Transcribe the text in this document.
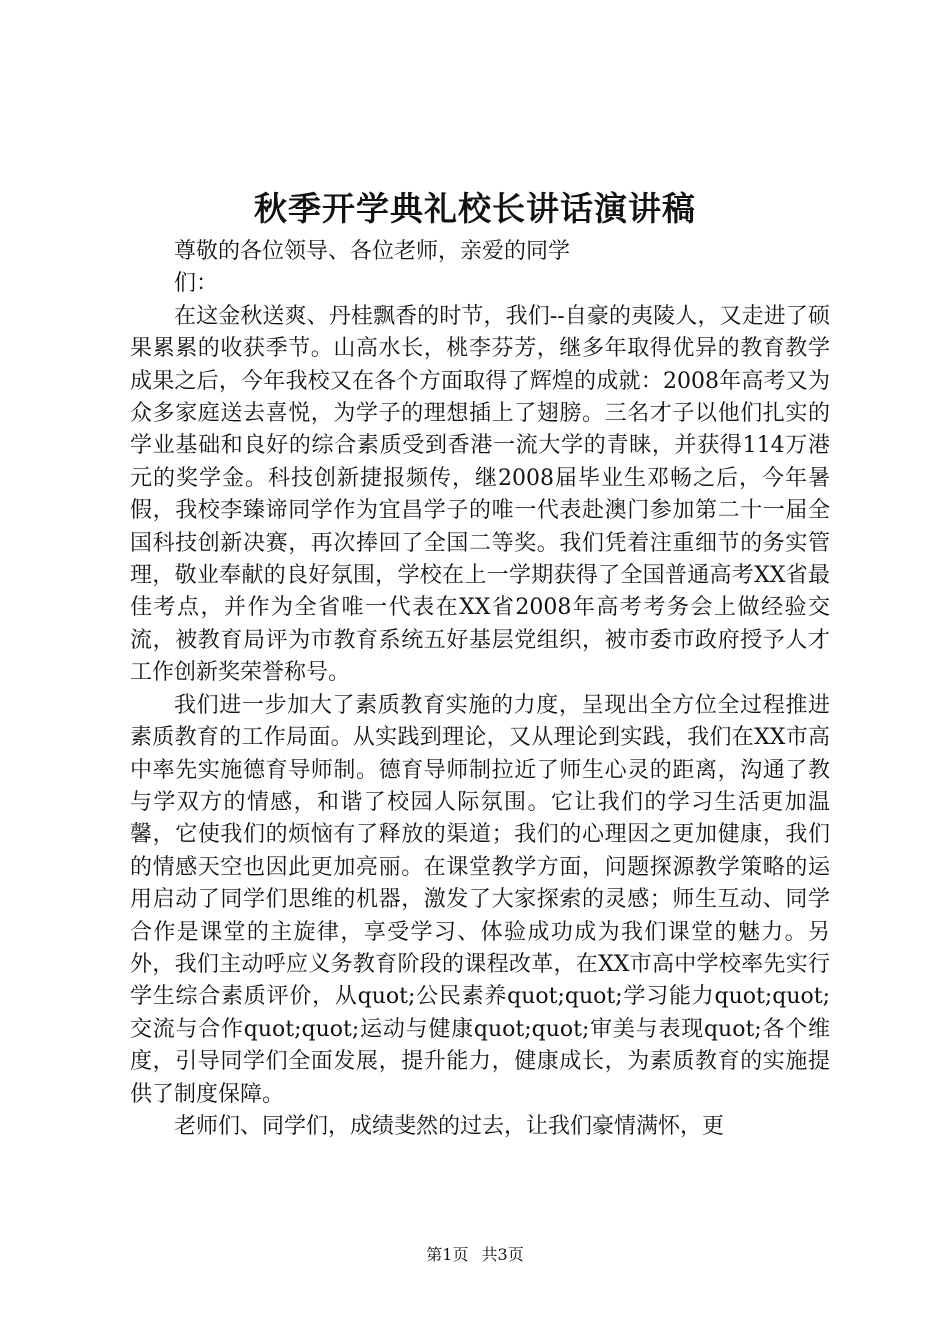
秋季开学典礼校长讲话演讲稿

尊敬的各位领导、各位老师，亲爱的同学们：

在这金秋送爽、丹桂飘香的时节，我们--自豪的夷陵人，又走进了硕果累累的收获季节。山高水长，桃李芬芳，继多年取得优异的教育教学成果之后，今年我校又在各个方面取得了辉煌的成就：2008年高考又为众多家庭送去喜悦，为学子的理想插上了翅膀。三名才子以他们扎实的学业基础和良好的综合素质受到香港一流大学的青睐，并获得114万港元的奖学金。科技创新捷报频传，继2008届毕业生邓畅之后，今年暑假，我校李臻谛同学作为宜昌学子的唯一代表赴澳门参加第二十一届全国科技创新决赛，再次捧回了全国二等奖。我们凭着注重细节的务实管理，敬业奉献的良好氛围，学校在上一学期获得了全国普通高考XX省最佳考点，并作为全省唯一代表在XX省2008年高考考务会上做经验交流，被教育局评为市教育系统五好基层党组织，被市委市政府授予人才工作创新奖荣誉称号。

我们进一步加大了素质教育实施的力度，呈现出全方位全过程推进素质教育的工作局面。从实践到理论，又从理论到实践，我们在XX市高中率先实施德育导师制。德育导师制拉近了师生心灵的距离，沟通了教与学双方的情感，和谐了校园人际氛围。它让我们的学习生活更加温馨，它使我们的烦恼有了释放的渠道；我们的心理因之更加健康，我们的情感天空也因此更加亮丽。在课堂教学方面，问题探源教学策略的运用启动了同学们思维的机器，激发了大家探索的灵感；师生互动、同学合作是课堂的主旋律，享受学习、体验成功成为我们课堂的魅力。另外，我们主动呼应义务教育阶段的课程改革，在XX市高中学校率先实行学生综合素质评价，从quot;公民素养quot;quot;学习能力quot;quot;交流与合作quot;quot;运动与健康quot;quot;审美与表现quot;各个维度，引导同学们全面发展，提升能力，健康成长，为素质教育的实施提供了制度保障。

老师们、同学们，成绩斐然的过去，让我们豪情满怀，更

第1页 共3页
